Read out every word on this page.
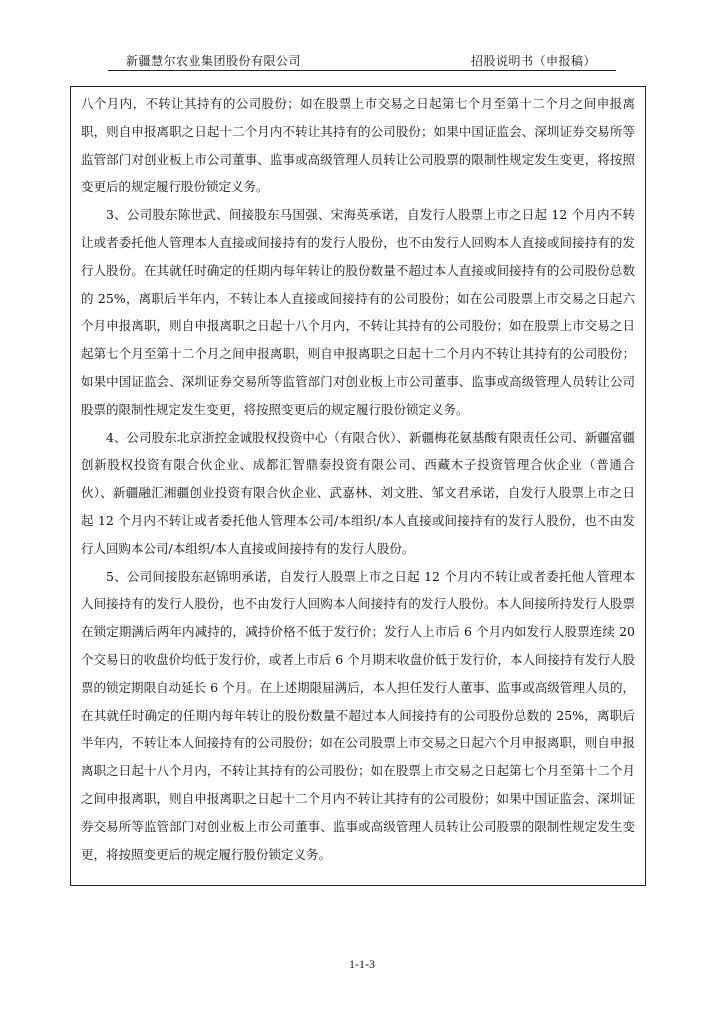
新疆慧尔农业集团股份有限公司	招股说明书（申报稿）

八个月内，不转让其持有的公司股份；如在股票上市交易之日起第七个月至第十二个月之间申报离职，则自申报离职之日起十二个月内不转让其持有的公司股份；如果中国证监会、深圳证券交易所等监管部门对创业板上市公司董事、监事或高级管理人员转让公司股票的限制性规定发生变更，将按照变更后的规定履行股份锁定义务。

3、公司股东陈世武、间接股东马国强、宋海英承诺，自发行人股票上市之日起 12 个月内不转让或者委托他人管理本人直接或间接持有的发行人股份，也不由发行人回购本人直接或间接持有的发行人股份。在其就任时确定的任期内每年转让的股份数量不超过本人直接或间接持有的公司股份总数的 25%，离职后半年内，不转让本人直接或间接持有的公司股份；如在公司股票上市交易之日起六个月申报离职，则自申报离职之日起十八个月内，不转让其持有的公司股份；如在股票上市交易之日起第七个月至第十二个月之间申报离职，则自申报离职之日起十二个月内不转让其持有的公司股份；如果中国证监会、深圳证券交易所等监管部门对创业板上市公司董事、监事或高级管理人员转让公司股票的限制性规定发生变更，将按照变更后的规定履行股份锁定义务。

4、公司股东北京浙控金诚股权投资中心（有限合伙）、新疆梅花氨基酸有限责任公司、新疆富疆创新股权投资有限合伙企业、成都汇智鼎泰投资有限公司、西藏木子投资管理合伙企业（普通合伙）、新疆融汇湘疆创业投资有限合伙企业、武嘉林、刘文胜、邹文君承诺，自发行人股票上市之日起 12 个月内不转让或者委托他人管理本公司/本组织/本人直接或间接持有的发行人股份，也不由发行人回购本公司/本组织/本人直接或间接持有的发行人股份。

5、公司间接股东赵锦明承诺，自发行人股票上市之日起 12 个月内不转让或者委托他人管理本人间接持有的发行人股份，也不由发行人回购本人间接持有的发行人股份。本人间接所持发行人股票在锁定期满后两年内减持的，减持价格不低于发行价；发行人上市后 6 个月内如发行人股票连续 20 个交易日的收盘价均低于发行价，或者上市后 6 个月期末收盘价低于发行价，本人间接持有发行人股票的锁定期限自动延长 6 个月。在上述期限届满后，本人担任发行人董事、监事或高级管理人员的，在其就任时确定的任期内每年转让的股份数量不超过本人间接持有的公司股份总数的 25%，离职后半年内，不转让本人间接持有的公司股份；如在公司股票上市交易之日起六个月申报离职，则自申报离职之日起十八个月内，不转让其持有的公司股份；如在股票上市交易之日起第七个月至第十二个月之间申报离职，则自申报离职之日起十二个月内不转让其持有的公司股份；如果中国证监会、深圳证券交易所等监管部门对创业板上市公司董事、监事或高级管理人员转让公司股票的限制性规定发生变更，将按照变更后的规定履行股份锁定义务。

1-1-3
